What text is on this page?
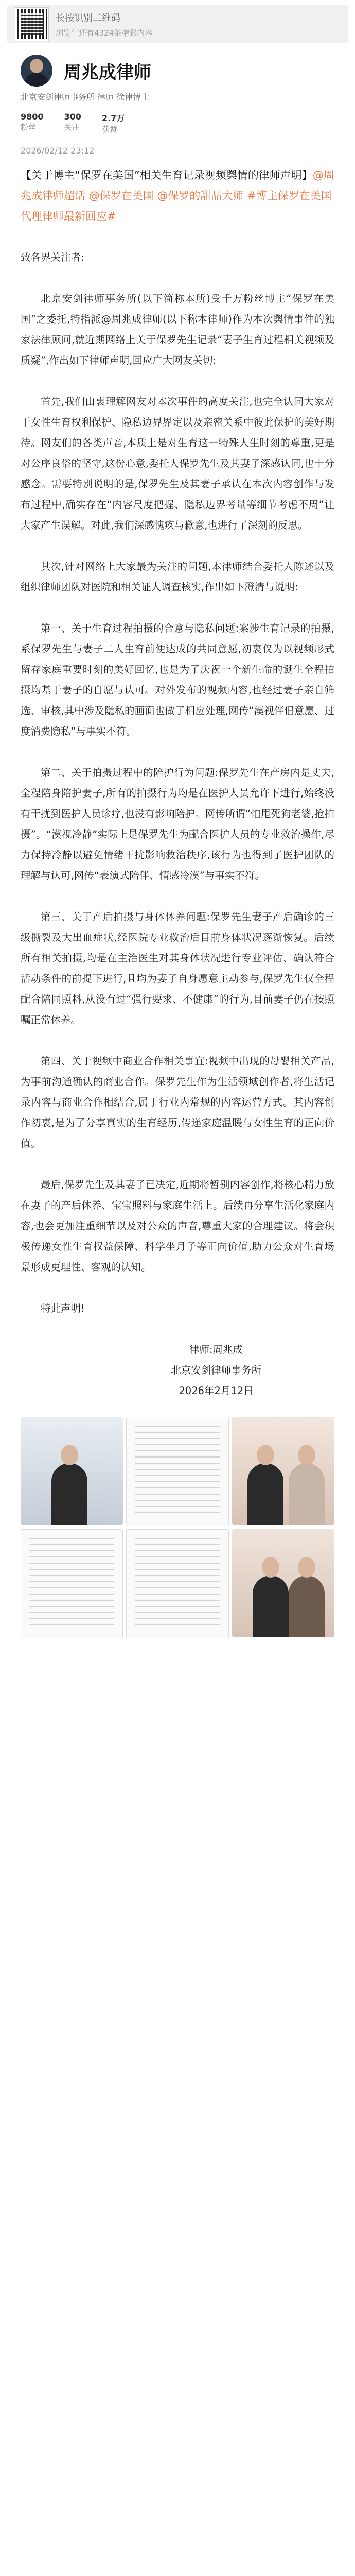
长按识别二维码
浏览生还有4324条精彩内容
周兆成律师
北京安剑律师事务所 律师 徐律博士
9800
粉丝
300
关注
2.7万
获赞
2026/02/12 23:12
【关于博主“保罗在美国”相关生育记录视频舆情的律师声明】@周兆成律师超话 @保罗在美国 @保罗的甜品大师 #博主保罗在美国代理律师最新回应#

致各界关注者:

北京安剑律师事务所(以下简称本所)受千万粉丝博主“保罗在美国”之委托,特指派@周兆成律师(以下称本律师)作为本次舆情事件的独家法律顾问,就近期网络上关于保罗先生记录“妻子生育过程相关视频及质疑”,作出如下律师声明,回应广大网友关切:

首先,我们由衷理解网友对本次事件的高度关注,也完全认同大家对于女性生育权利保护、隐私边界界定以及亲密关系中彼此保护的美好期待。网友们的各类声音,本质上是对生育这一特殊人生时刻的尊重,更是对公序良俗的坚守,这份心意,委托人保罗先生及其妻子深感认同,也十分感念。需要特别说明的是,保罗先生及其妻子承认在本次内容创作与发布过程中,确实存在“内容尺度把握、隐私边界考量等细节考虑不周”让大家产生误解。对此,我们深感愧疚与歉意,也进行了深刻的反思。

其次,针对网络上大家最为关注的问题,本律师结合委托人陈述以及组织律师团队对医院和相关证人调查核实,作出如下澄清与说明:

第一、关于生育过程拍摄的合意与隐私问题:案涉生育记录的拍摄,系保罗先生与妻子二人生育前便达成的共同意愿,初衷仅为以视频形式留存家庭重要时刻的美好回忆,也是为了庆祝一个新生命的诞生全程拍摄均基于妻子的自愿与认可。对外发布的视频内容,也经过妻子亲自筛选、审核,其中涉及隐私的画面也做了相应处理,网传“漠视伴侣意愿、过度消费隐私”与事实不符。

第二、关于拍摄过程中的陪护行为问题:保罗先生在产房内是丈夫,全程陪身陪护妻子,所有的拍摄行为均是在医护人员允许下进行,始终没有干扰到医护人员诊疗,也没有影响陪护。网传所谓“怕甩死狗老婆,抢拍摄”。“漠视冷静”实际上是保罗先生为配合医护人员的专业救治操作,尽力保持冷静以避免情绪干扰影响救治秩序,该行为也得到了医护团队的理解与认可,网传“表演式陪伴、情感冷漠”与事实不符。

第三、关于产后拍摄与身体休养问题:保罗先生妻子产后确诊的三级撕裂及大出血症状,经医院专业救治后目前身体状况逐渐恢复。后续所有相关拍摄,均是在主治医生对其身体状况进行专业评估、确认符合活动条件的前提下进行,且均为妻子自身愿意主动参与,保罗先生仅全程配合陪同照料,从没有过“强行要求、不健康”的行为,目前妻子仍在按照嘱正常休养。

第四、关于视频中商业合作相关事宜:视频中出现的母婴相关产品,为事前沟通确认的商业合作。保罗先生作为生活领域创作者,将生活记录内容与商业合作相结合,属于行业内常规的内容运营方式。其内容创作初衷,是为了分享真实的生育经历,传递家庭温暖与女性生育的正向价值。

最后,保罗先生及其妻子已决定,近期将暂别内容创作,将核心精力放在妻子的产后休养、宝宝照料与家庭生活上。后续再分享生活化家庭内容,也会更加注重细节以及对公众的声音,尊重大家的合理建议。将会积极传递女性生育权益保障、科学坐月子等正向价值,助力公众对生育场景形成更理性、客观的认知。

特此声明!

律师:周兆成
北京安剑律师事务所
2026年2月12日
